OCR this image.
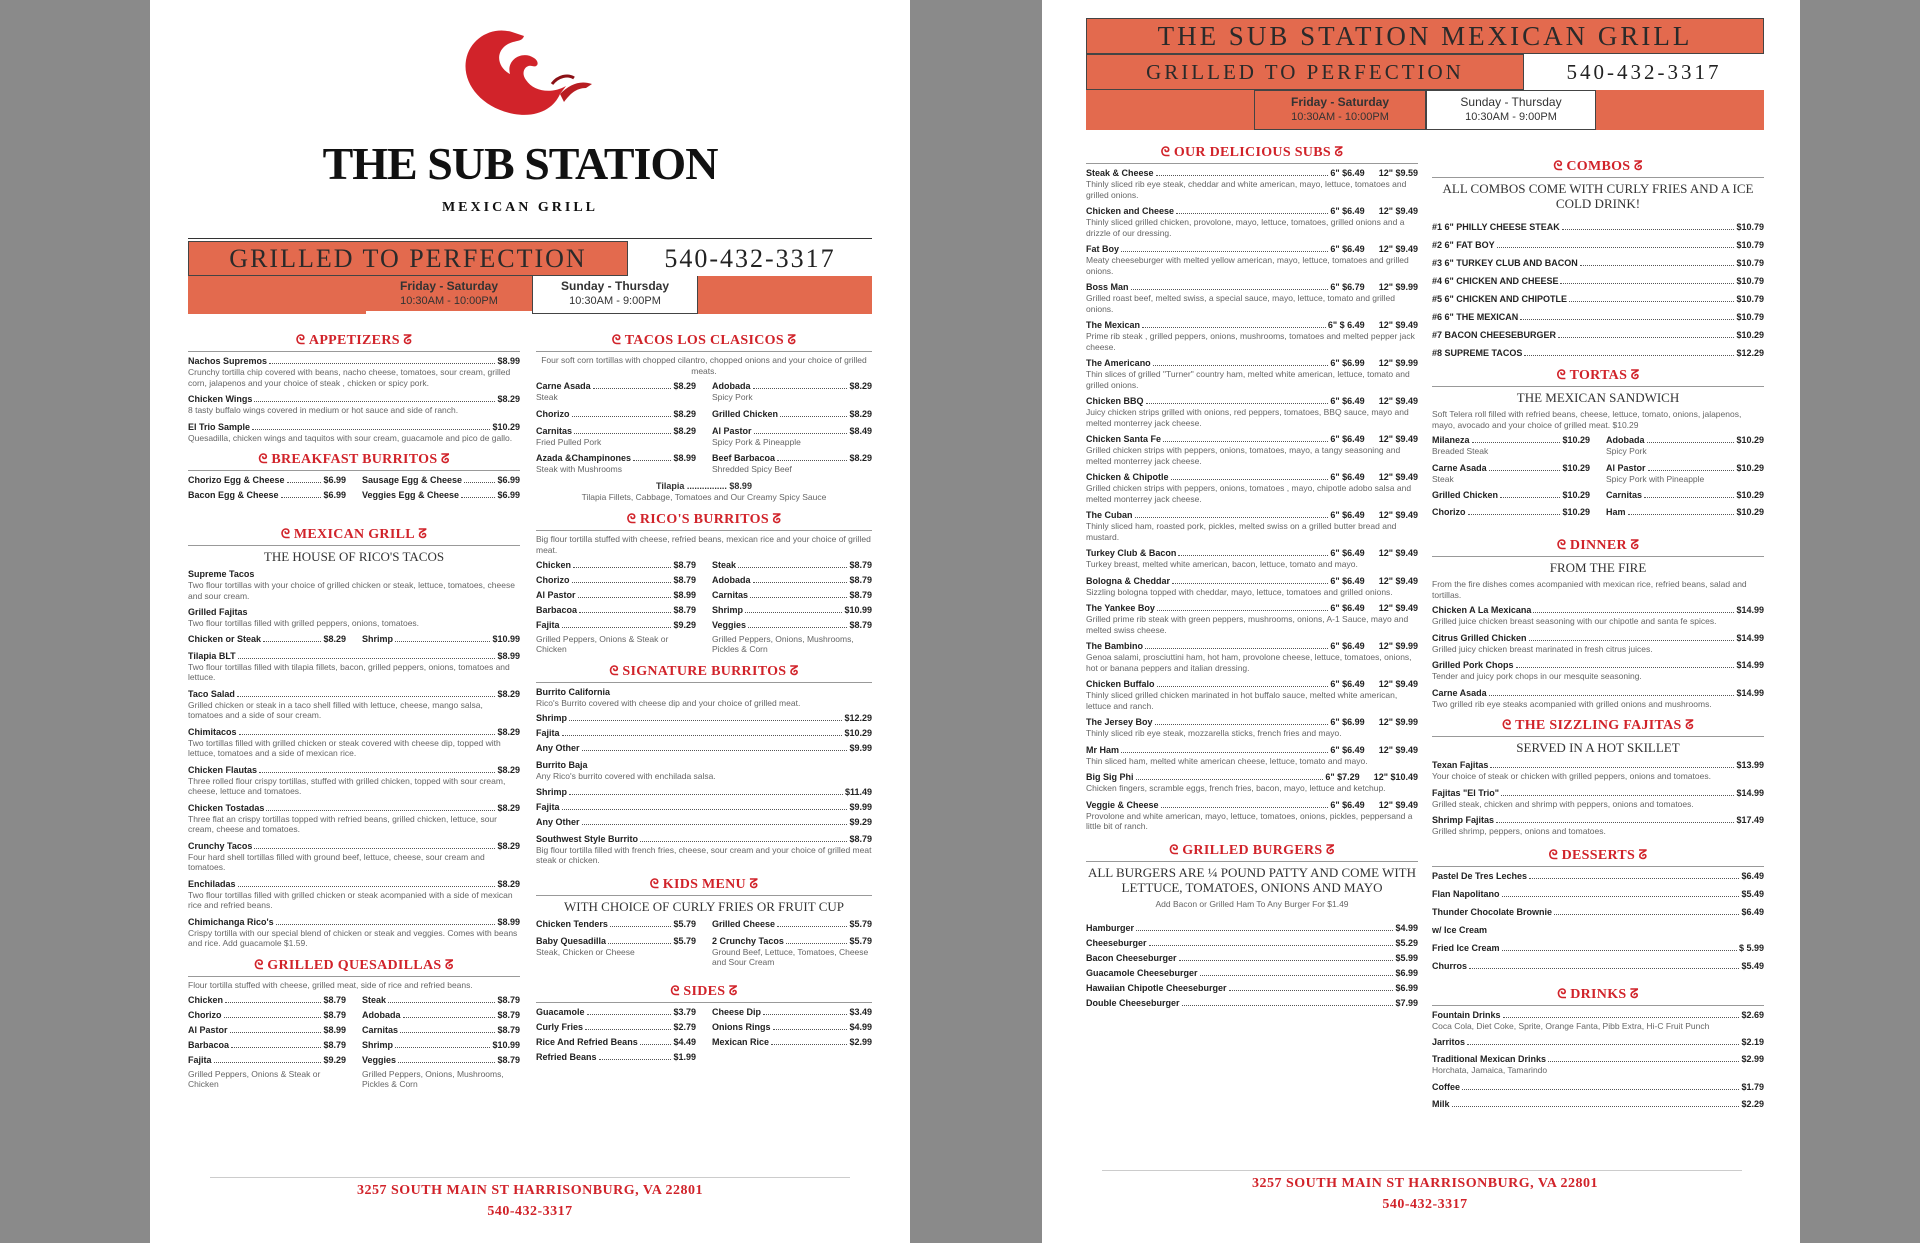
THE SUB STATION
MEXICAN GRILL
GRILLED TO PERFECTION	540-432-3317
Friday - Saturday
10:30AM - 10:00PM
Sunday - Thursday
10:30AM - 9:00PM
ᘓ APPETIZERS ᘔ
Nachos Supremos	$8.99
Crunchy tortilla chip covered with beans, nacho cheese, tomatoes, sour cream, grilled corn, jalapenos and your choice of steak , chicken or spicy pork.
Chicken Wings	$8.29
8 tasty buffalo wings covered in medium or hot sauce and side of ranch.
El Trio Sample	$10.29
Quesadilla, chicken wings and taquitos with sour cream, guacamole and pico de gallo.
ᘓ BREAKFAST BURRITOS ᘔ
Chorizo Egg & Cheese	$6.99
Bacon Egg & Cheese	$6.99
Sausage Egg & Cheese	$6.99
Veggies Egg & Cheese	$6.99
ᘓ MEXICAN GRILL ᘔ
THE HOUSE OF RICO'S TACOS
Supreme Tacos
Two flour tortillas with your choice of grilled chicken or steak, lettuce, tomatoes, cheese and sour cream.
Grilled Fajitas
Two flour tortillas filled with grilled peppers, onions, tomatoes.
Chicken or Steak	$8.29 Shrimp	$10.99
Tilapia BLT	$8.99
Two flour tortillas filled with tilapia fillets, bacon, grilled peppers, onions, tomatoes and lettuce.
Taco Salad	$8.29
Grilled chicken or steak in a taco shell filled with lettuce, cheese, mango salsa, tomatoes and a side of sour cream.
Chimitacos	$8.29
Two tortillas filled with grilled chicken or steak covered with cheese dip, topped with lettuce, tomatoes and a side of mexican rice.
Chicken Flautas	$8.29
Three rolled flour crispy tortillas, stuffed with grilled chicken, topped with sour cream, cheese, lettuce and tomatoes.
Chicken Tostadas	$8.29
Three flat an crispy tortillas topped with refried beans, grilled chicken, lettuce, sour cream, cheese and tomatoes.
Crunchy Tacos	$8.29
Four hard shell tortillas filled with ground beef, lettuce, cheese, sour cream and tomatoes.
Enchiladas	$8.29
Two flour tortillas filled with grilled chicken or steak acompanied with a side of mexican rice and refried beans.
Chimichanga Rico's	$8.99
Crispy tortilla with our special blend of chicken or steak and veggies. Comes with beans and rice. Add guacamole $1.59.
ᘓ GRILLED QUESADILLAS ᘔ
Flour tortilla stuffed with cheese, grilled meat, side of rice and refried beans.
Chicken	$8.79
Chorizo	$8.79
Al Pastor	$8.99
Barbacoa	$8.79
Fajita	$9.29
Grilled Peppers, Onions & Steak or Chicken
Steak	$8.79
Adobada	$8.79
Carnitas	$8.79
Shrimp	$10.99
Veggies	$8.79
Grilled Peppers, Onions, Mushrooms, Pickles & Corn
ᘓ TACOS LOS CLASICOS ᘔ
Four soft corn tortillas with chopped cilantro, chopped onions and your choice of grilled meats.
Carne Asada	$8.29
Steak
Chorizo	$8.29
Carnitas	$8.29
Fried Pulled Pork
Azada &Champinones	$8.99
Steak with Mushrooms
Adobada	$8.29
Spicy Pork
Grilled Chicken	$8.29
Al Pastor	$8.49
Spicy Pork & Pineapple
Beef Barbacoa	$8.29
Shredded Spicy Beef
Tilapia ................ $8.99
Tilapia Fillets, Cabbage, Tomatoes and Our Creamy Spicy Sauce
ᘓ RICO'S BURRITOS ᘔ
Big flour tortilla stuffed with cheese, refried beans, mexican rice and your choice of grilled meat.
Chicken	$8.79
Chorizo	$8.79
Al Pastor	$8.99
Barbacoa	$8.79
Fajita	$9.29
Grilled Peppers, Onions & Steak or Chicken
Steak	$8.79
Adobada	$8.79
Carnitas	$8.79
Shrimp	$10.99
Veggies	$8.79
Grilled Peppers, Onions, Mushrooms, Pickles & Corn
ᘓ SIGNATURE BURRITOS ᘔ
Burrito California
Rico's Burrito covered with cheese dip and your choice of grilled meat.
Shrimp	$12.29
Fajita	$10.29
Any Other	$9.99
Burrito Baja
Any Rico's burrito covered with enchilada salsa.
Shrimp	$11.49
Fajita	$9.99
Any Other	$9.29
Southwest Style Burrito	$8.79
Big flour tortilla filled with french fries, cheese, sour cream and your choice of grilled meat steak or chicken.
ᘓ KIDS MENU ᘔ
WITH CHOICE OF CURLY FRIES OR FRUIT CUP
Chicken Tenders	$5.79
Baby Quesadilla	$5.79
Steak, Chicken or Cheese
Grilled Cheese	$5.79
2 Crunchy Tacos	$5.79
Ground Beef, Lettuce, Tomatoes, Cheese and Sour Cream
ᘓ SIDES ᘔ
Guacamole	$3.79
Curly Fries	$2.79
Rice And Refried Beans	$4.49
Refried Beans	$1.99
Cheese Dip	$3.49
Onions Rings	$4.99
Mexican Rice	$2.99
3257 SOUTH MAIN ST HARRISONBURG, VA 22801
540-432-3317
THE SUB STATION MEXICAN GRILL
GRILLED TO PERFECTION	540-432-3317
Friday - Saturday
10:30AM - 10:00PM
Sunday - Thursday
10:30AM - 9:00PM
ᘓ OUR DELICIOUS SUBS ᘔ
Steak & Cheese	6" $6.49 12" $9.59
Thinly sliced rib eye steak, cheddar and white american, mayo, lettuce, tomatoes and grilled onions.
Chicken and Cheese	6" $6.49 12" $9.49
Thinly sliced grilled chicken, provolone, mayo, lettuce, tomatoes, grilled onions and a drizzle of our dressing.
Fat Boy	6" $6.49 12" $9.49
Meaty cheeseburger with melted yellow american, mayo, lettuce, tomatoes and grilled onions.
Boss Man	6" $6.79 12" $9.99
Grilled roast beef, melted swiss, a special sauce, mayo, lettuce, tomato and grilled onions.
The Mexican	6" $ 6.49 12" $9.49
Prime rib steak , grilled peppers, onions, mushrooms, tomatoes and melted pepper jack cheese.
The Americano	6" $6.99 12" $9.99
Thin slices of grilled "Turner" country ham, melted white american, lettuce, tomato and grilled onions.
Chicken BBQ	6" $6.49 12" $9.49
Juicy chicken strips grilled with onions, red peppers, tomatoes, BBQ sauce, mayo and melted monterrey jack cheese.
Chicken Santa Fe	6" $6.49 12" $9.49
Grilled chicken strips with peppers, onions, tomatoes, mayo, a tangy seasoning and melted monterrey jack cheese.
Chicken & Chipotle	6" $6.49 12" $9.49
Grilled chicken strips with peppers, onions, tomatoes , mayo, chipotle adobo salsa and melted monterrey jack cheese.
The Cuban	6" $6.49 12" $9.49
Thinly sliced ham, roasted pork, pickles, melted swiss on a grilled butter bread and mustard.
Turkey Club & Bacon	6" $6.49 12" $9.49
Turkey breast, melted white american, bacon, lettuce, tomato and mayo.
Bologna & Cheddar	6" $6.49 12" $9.49
Sizzling bologna topped with cheddar, mayo, lettuce, tomatoes and grilled onions.
The Yankee Boy	6" $6.49 12" $9.49
Grilled prime rib steak with green peppers, mushrooms, onions, A-1 Sauce, mayo and melted swiss cheese.
The Bambino	6" $6.49 12" $9.99
Genoa salami, prosciuttini ham, hot ham, provolone cheese, lettuce, tomatoes, onions, hot or banana peppers and italian dressing.
Chicken Buffalo	6" $6.49 12" $9.49
Thinly sliced grilled chicken marinated in hot buffalo sauce, melted white american, lettuce and ranch.
The Jersey Boy	6" $6.99 12" $9.99
Thinly sliced rib eye steak, mozzarella sticks, french fries and mayo.
Mr Ham	6" $6.49 12" $9.49
Thin sliced ham, melted white american cheese, lettuce, tomato and mayo.
Big Sig Phi	6" $7.29 12" $10.49
Chicken fingers, scramble eggs, french fries, bacon, mayo, lettuce and ketchup.
Veggie & Cheese	6" $6.49 12" $9.49
Provolone and white american, mayo, lettuce, tomatoes, onions, pickles, peppersand a little bit of ranch.
ᘓ GRILLED BURGERS ᘔ
ALL BURGERS ARE ¼ POUND PATTY AND COME WITH LETTUCE, TOMATOES, ONIONS AND MAYO
Add Bacon or Grilled Ham To Any Burger For $1.49
Hamburger	$4.99
Cheeseburger	$5.29
Bacon Cheeseburger	$5.99
Guacamole Cheeseburger	$6.99
Hawaiian Chipotle Cheeseburger	$6.99
Double Cheeseburger	$7.99
ᘓ COMBOS ᘔ
ALL COMBOS COME WITH CURLY FRIES AND A ICE COLD DRINK!
#1 6" PHILLY CHEESE STEAK	$10.79
#2 6" FAT BOY	$10.79
#3 6" TURKEY CLUB AND BACON	$10.79
#4 6" CHICKEN AND CHEESE	$10.79
#5 6" CHICKEN AND CHIPOTLE	$10.79
#6 6" THE MEXICAN	$10.79
#7 BACON CHEESEBURGER	$10.29
#8 SUPREME TACOS	$12.29
ᘓ TORTAS ᘔ
THE MEXICAN SANDWICH
Soft Telera roll filled with refried beans, cheese, lettuce, tomato, onions, jalapenos, mayo, avocado and your choice of grilled meat. $10.29
Milaneza	$10.29
Breaded Steak
Carne Asada	$10.29
Steak
Grilled Chicken	$10.29
Chorizo	$10.29
Adobada	$10.29
Spicy Pork
Al Pastor	$10.29
Spicy Pork with Pineapple
Carnitas	$10.29
Ham	$10.29
ᘓ DINNER ᘔ
FROM THE FIRE
From the fire dishes comes acompanied with mexican rice, refried beans, salad and tortillas.
Chicken A La Mexicana	$14.99
Grilled juice chicken breast seasoning with our chipotle and santa fe spices.
Citrus Grilled Chicken	$14.99
Grilled juicy chicken breast marinated in fresh citrus juices.
Grilled Pork Chops	$14.99
Tender and juicy pork chops in our mesquite seasoning.
Carne Asada	$14.99
Two grilled rib eye steaks acompanied with grilled onions and mushrooms.
ᘓ THE SIZZLING FAJITAS ᘔ
SERVED IN A HOT SKILLET
Texan Fajitas	$13.99
Your choice of steak or chicken with grilled peppers, onions and tomatoes.
Fajitas "El Trio"	$14.99
Grilled steak, chicken and shrimp with peppers, onions and tomatoes.
Shrimp Fajitas	$17.49
Grilled shrimp, peppers, onions and tomatoes.
ᘓ DESSERTS ᘔ
Pastel De Tres Leches	$6.49
Flan Napolitano	$5.49
Thunder Chocolate Brownie	$6.49
w/ Ice Cream
Fried Ice Cream	$ 5.99
Churros	$5.49
ᘓ DRINKS ᘔ
Fountain Drinks	$2.69
Coca Cola, Diet Coke, Sprite, Orange Fanta, Pibb Extra, Hi-C Fruit Punch
Jarritos	$2.19
Traditional Mexican Drinks	$2.99
Horchata, Jamaica, Tamarindo
Coffee	$1.79
Milk	$2.29
3257 SOUTH MAIN ST HARRISONBURG, VA 22801
540-432-3317
